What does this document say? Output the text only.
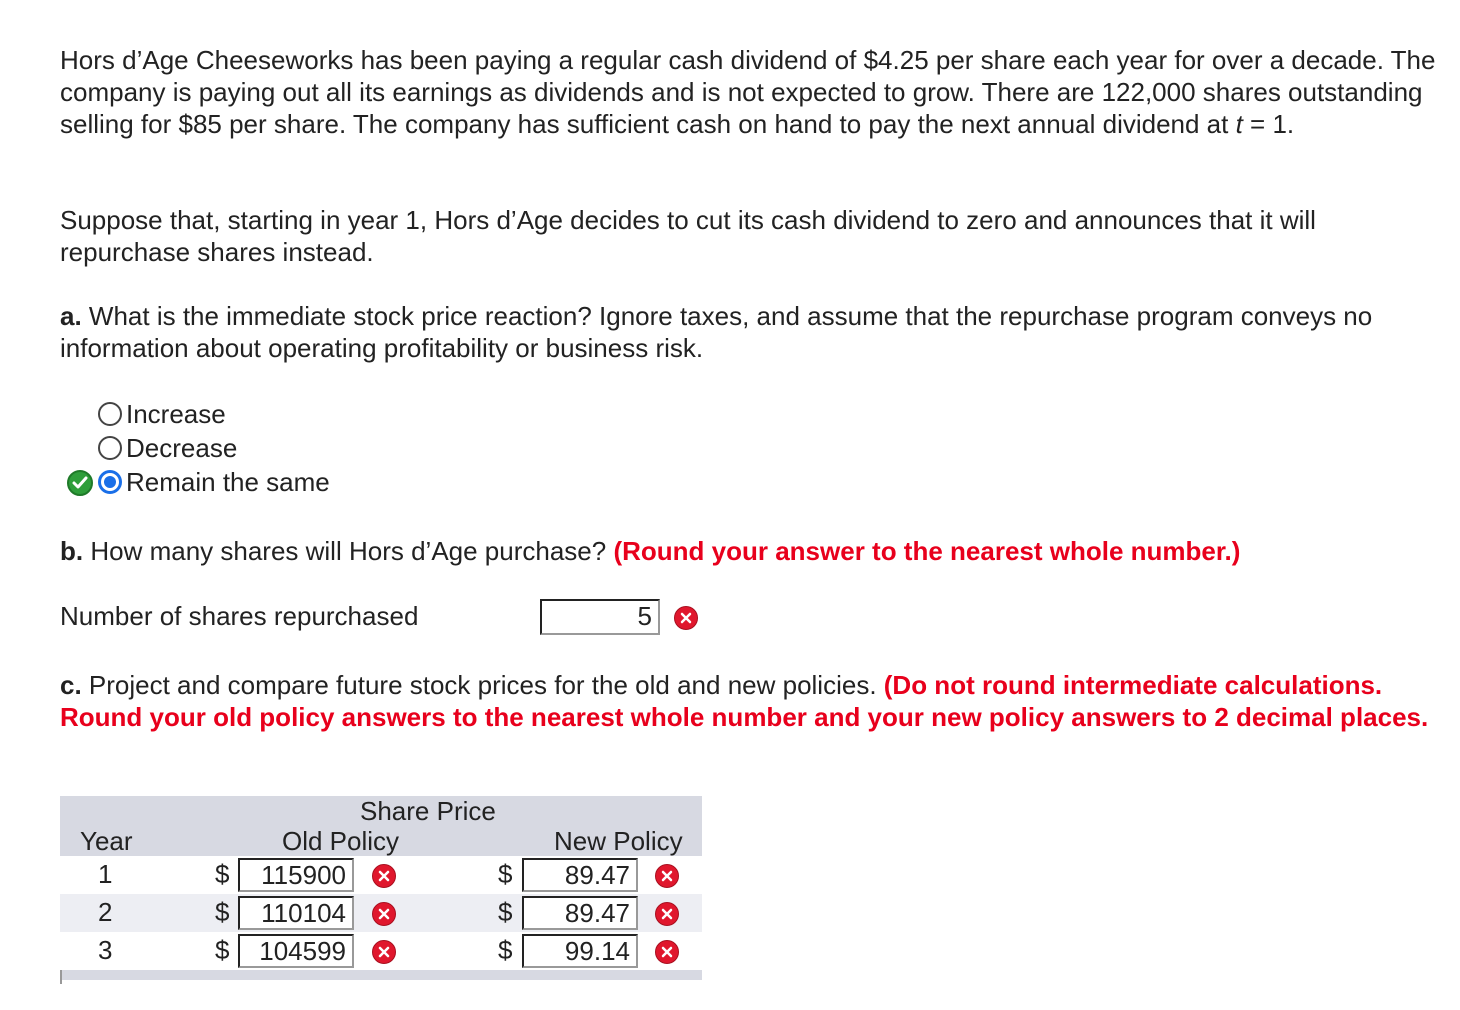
Hors d’Age Cheeseworks has been paying a regular cash dividend of $4.25 per share each year for over a decade. The company is paying out all its earnings as dividends and is not expected to grow. There are 122,000 shares outstanding selling for $85 per share. The company has sufficient cash on hand to pay the next annual dividend at t = 1.

Suppose that, starting in year 1, Hors d’Age decides to cut its cash dividend to zero and announces that it will repurchase shares instead.

a. What is the immediate stock price reaction? Ignore taxes, and assume that the repurchase program conveys no information about operating profitability or business risk.

Increase
Decrease
Remain the same

b. How many shares will Hors d’Age purchase? (Round your answer to the nearest whole number.)

Number of shares repurchased	5

c. Project and compare future stock prices for the old and new policies. (Do not round intermediate calculations. Round your old policy answers to the nearest whole number and your new policy answers to 2 decimal places.

Share Price
Year	Old Policy	New Policy
1	$	115900	$	89.47
2	$	110104	$	89.47
3	$	104599	$	99.14
